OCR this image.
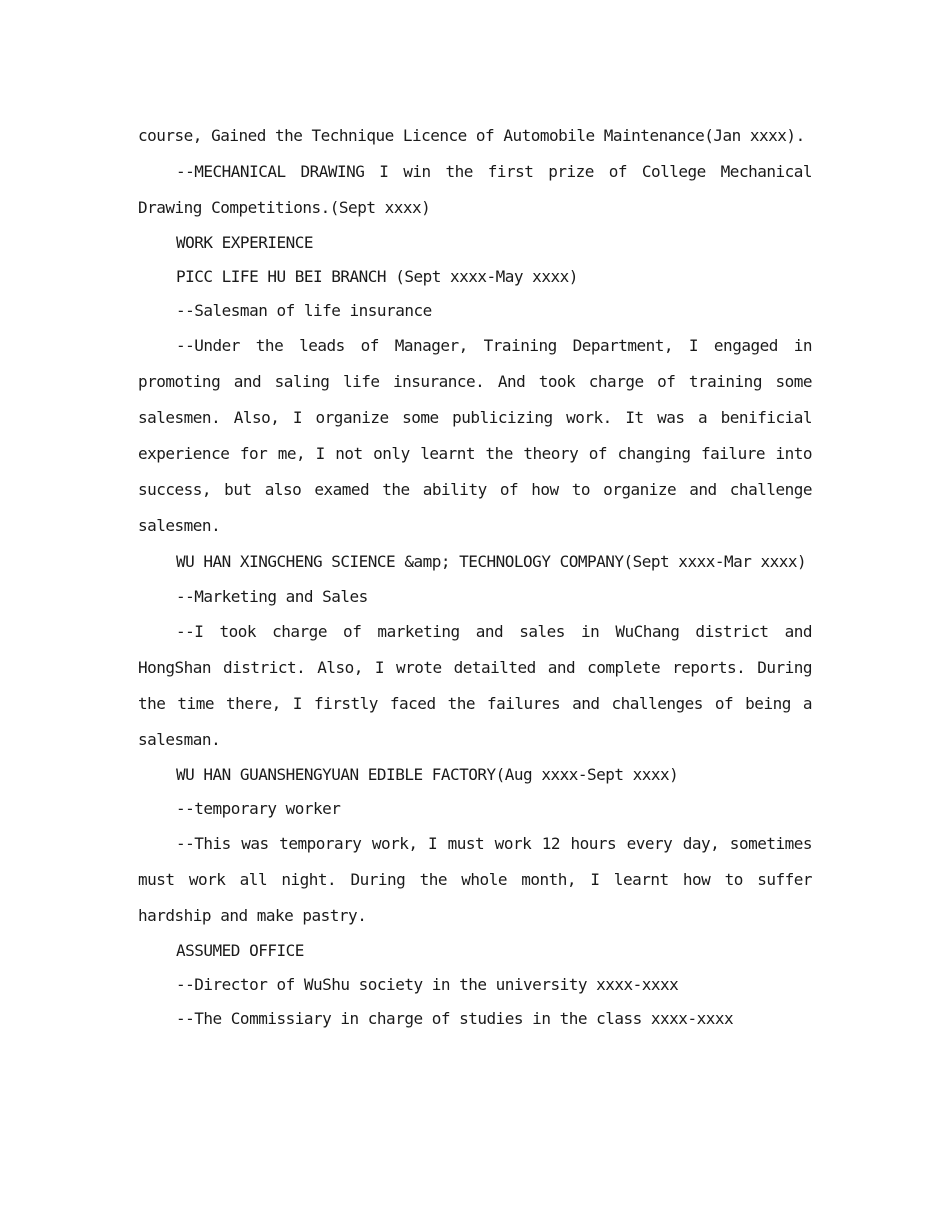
course, Gained the Technique Licence of Automobile Maintenance(Jan xxxx).

--MECHANICAL DRAWING I win the first prize of College Mechanical Drawing Competitions.(Sept xxxx)

WORK EXPERIENCE

PICC LIFE HU BEI BRANCH (Sept xxxx-May xxxx)

--Salesman of life insurance

--Under the leads of Manager, Training Department, I engaged in promoting and saling life insurance. And took charge of training some salesmen. Also, I organize some publicizing work. It was a benificial experience for me, I not only learnt the theory of changing failure into success, but also examed the ability of how to organize and challenge salesmen.

WU HAN XINGCHENG SCIENCE &amp; TECHNOLOGY COMPANY(Sept xxxx-Mar xxxx)

--Marketing and Sales

--I took charge of marketing and sales in WuChang district and HongShan district. Also, I wrote detailted and complete reports. During the time there, I firstly faced the failures and challenges of being a salesman.

WU HAN GUANSHENGYUAN EDIBLE FACTORY(Aug xxxx-Sept xxxx)

--temporary worker

--This was temporary work, I must work 12 hours every day, sometimes must work all night. During the whole month, I learnt how to suffer hardship and make pastry.

ASSUMED OFFICE

--Director of WuShu society in the university xxxx-xxxx

--The Commissiary in charge of studies in the class xxxx-xxxx
